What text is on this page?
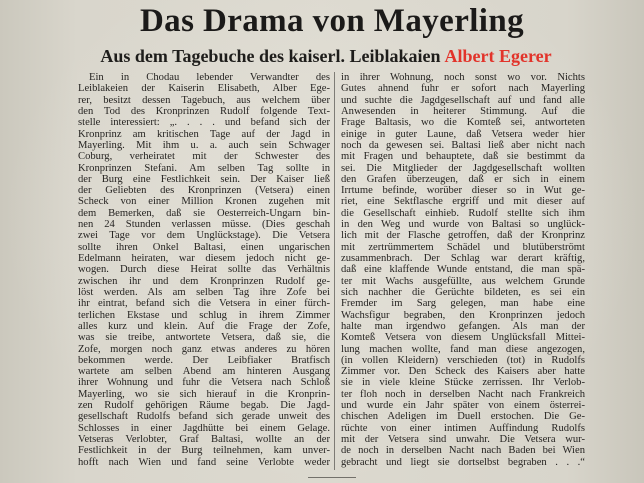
Das Drama von Mayerling
Aus dem Tagebuche des kaiserl. Leiblakaien Albert Egerer
Ein in Chodau lebender Verwandter des
Leiblakeien der Kaiserin Elisabeth, Alber Ege-
rer, besitzt dessen Tagebuch, aus welchem über
den Tod des Kronprinzen Rudolf folgende Text-
stelle interessiert: „. . . . und befand sich der
Kronprinz am kritischen Tage auf der Jagd in
Mayerling. Mit ihm u. a. auch sein Schwager
Coburg, verheiratet mit der Schwester des
Kronprinzen Stefani. Am selben Tag sollte in
der Burg eine Festlichkeit sein. Der Kaiser ließ
der Geliebten des Kronprinzen (Vetsera) einen
Scheck von einer Million Kronen zugehen mit
dem Bemerken, daß sie Oesterreich-Ungarn bin-
nen 24 Stunden verlassen müsse. (Dies geschah
zwei Tage vor dem Unglückstage). Die Vetsera
sollte ihren Onkel Baltasi, einen ungarischen
Edelmann heiraten, war diesem jedoch nicht ge-
wogen. Durch diese Heirat sollte das Verhältnis
zwischen ihr und dem Kronprinzen Rudolf ge-
löst werden. Als am selben Tag ihre Zofe bei
ihr eintrat, befand sich die Vetsera in einer fürch-
terlichen Ekstase und schlug in ihrem Zimmer
alles kurz und klein. Auf die Frage der Zofe,
was sie treibe, antwortete Vetsera, daß sie, die
Zofe, morgen noch ganz etwas anderes zu hören
bekommen werde. Der Leibfiaker Bratfisch
wartete am selben Abend am hinteren Ausgang
ihrer Wohnung und fuhr die Vetsera nach Schloß
Mayerling, wo sie sich hierauf in die Kronprin-
zen Rudolf gehörigen Räume begab. Die Jagd-
gesellschaft Rudolfs befand sich gerade unweit des
Schlosses in einer Jagdhütte bei einem Gelage.
Vetseras Verlobter, Graf Baltasi, wollte an der
Festlichkeit in der Burg teilnehmen, kam unver-
hofft nach Wien und fand seine Verlobte weder
in ihrer Wohnung, noch sonst wo vor. Nichts
Gutes ahnend fuhr er sofort nach Mayerling
und suchte die Jagdgesellschaft auf und fand alle
Anwesenden in heiterer Stimmung. Auf die
Frage Baltasis, wo die Komteß sei, antworteten
einige in guter Laune, daß Vetsera weder hier
noch da gewesen sei. Baltasi ließ aber nicht nach
mit Fragen und behauptete, daß sie bestimmt da
sei. Die Mitglieder der Jagdgesellschaft wollten
den Grafen überzeugen, daß er sich in einem
Irrtume befinde, worüber dieser so in Wut ge-
riet, eine Sektflasche ergriff und mit dieser auf
die Gesellschaft einhieb. Rudolf stellte sich ihm
in den Weg und wurde von Baltasi so unglück-
lich mit der Flasche getroffen, daß der Kronprinz
mit zertrümmertem Schädel und blutüberströmt
zusammenbrach. Der Schlag war derart kräftig,
daß eine klaffende Wunde entstand, die man spä-
ter mit Wachs ausgefüllte, aus welchem Grunde
sich nachher die Gerüchte bildeten, es sei ein
Fremder im Sarg gelegen, man habe eine
Wachsfigur begraben, den Kronprinzen jedoch
halte man irgendwo gefangen. Als man der
Komteß Vetsera von diesem Unglücksfall Mittei-
lung machen wollte, fand man diese angezogen,
(in vollen Kleidern) verschieden (tot) in Rudolfs
Zimmer vor. Den Scheck des Kaisers aber hatte
sie in viele kleine Stücke zerrissen. Ihr Verlob-
ter floh noch in derselben Nacht nach Frankreich
und wurde ein Jahr später von einem österrei-
chischen Adeligen im Duell erstochen. Die Ge-
rüchte von einer intimen Auffindung Rudolfs
mit der Vetsera sind unwahr. Die Vetsera wur-
de noch in derselben Nacht nach Baden bei Wien
gebracht und liegt sie dortselbst begraben . . .“
